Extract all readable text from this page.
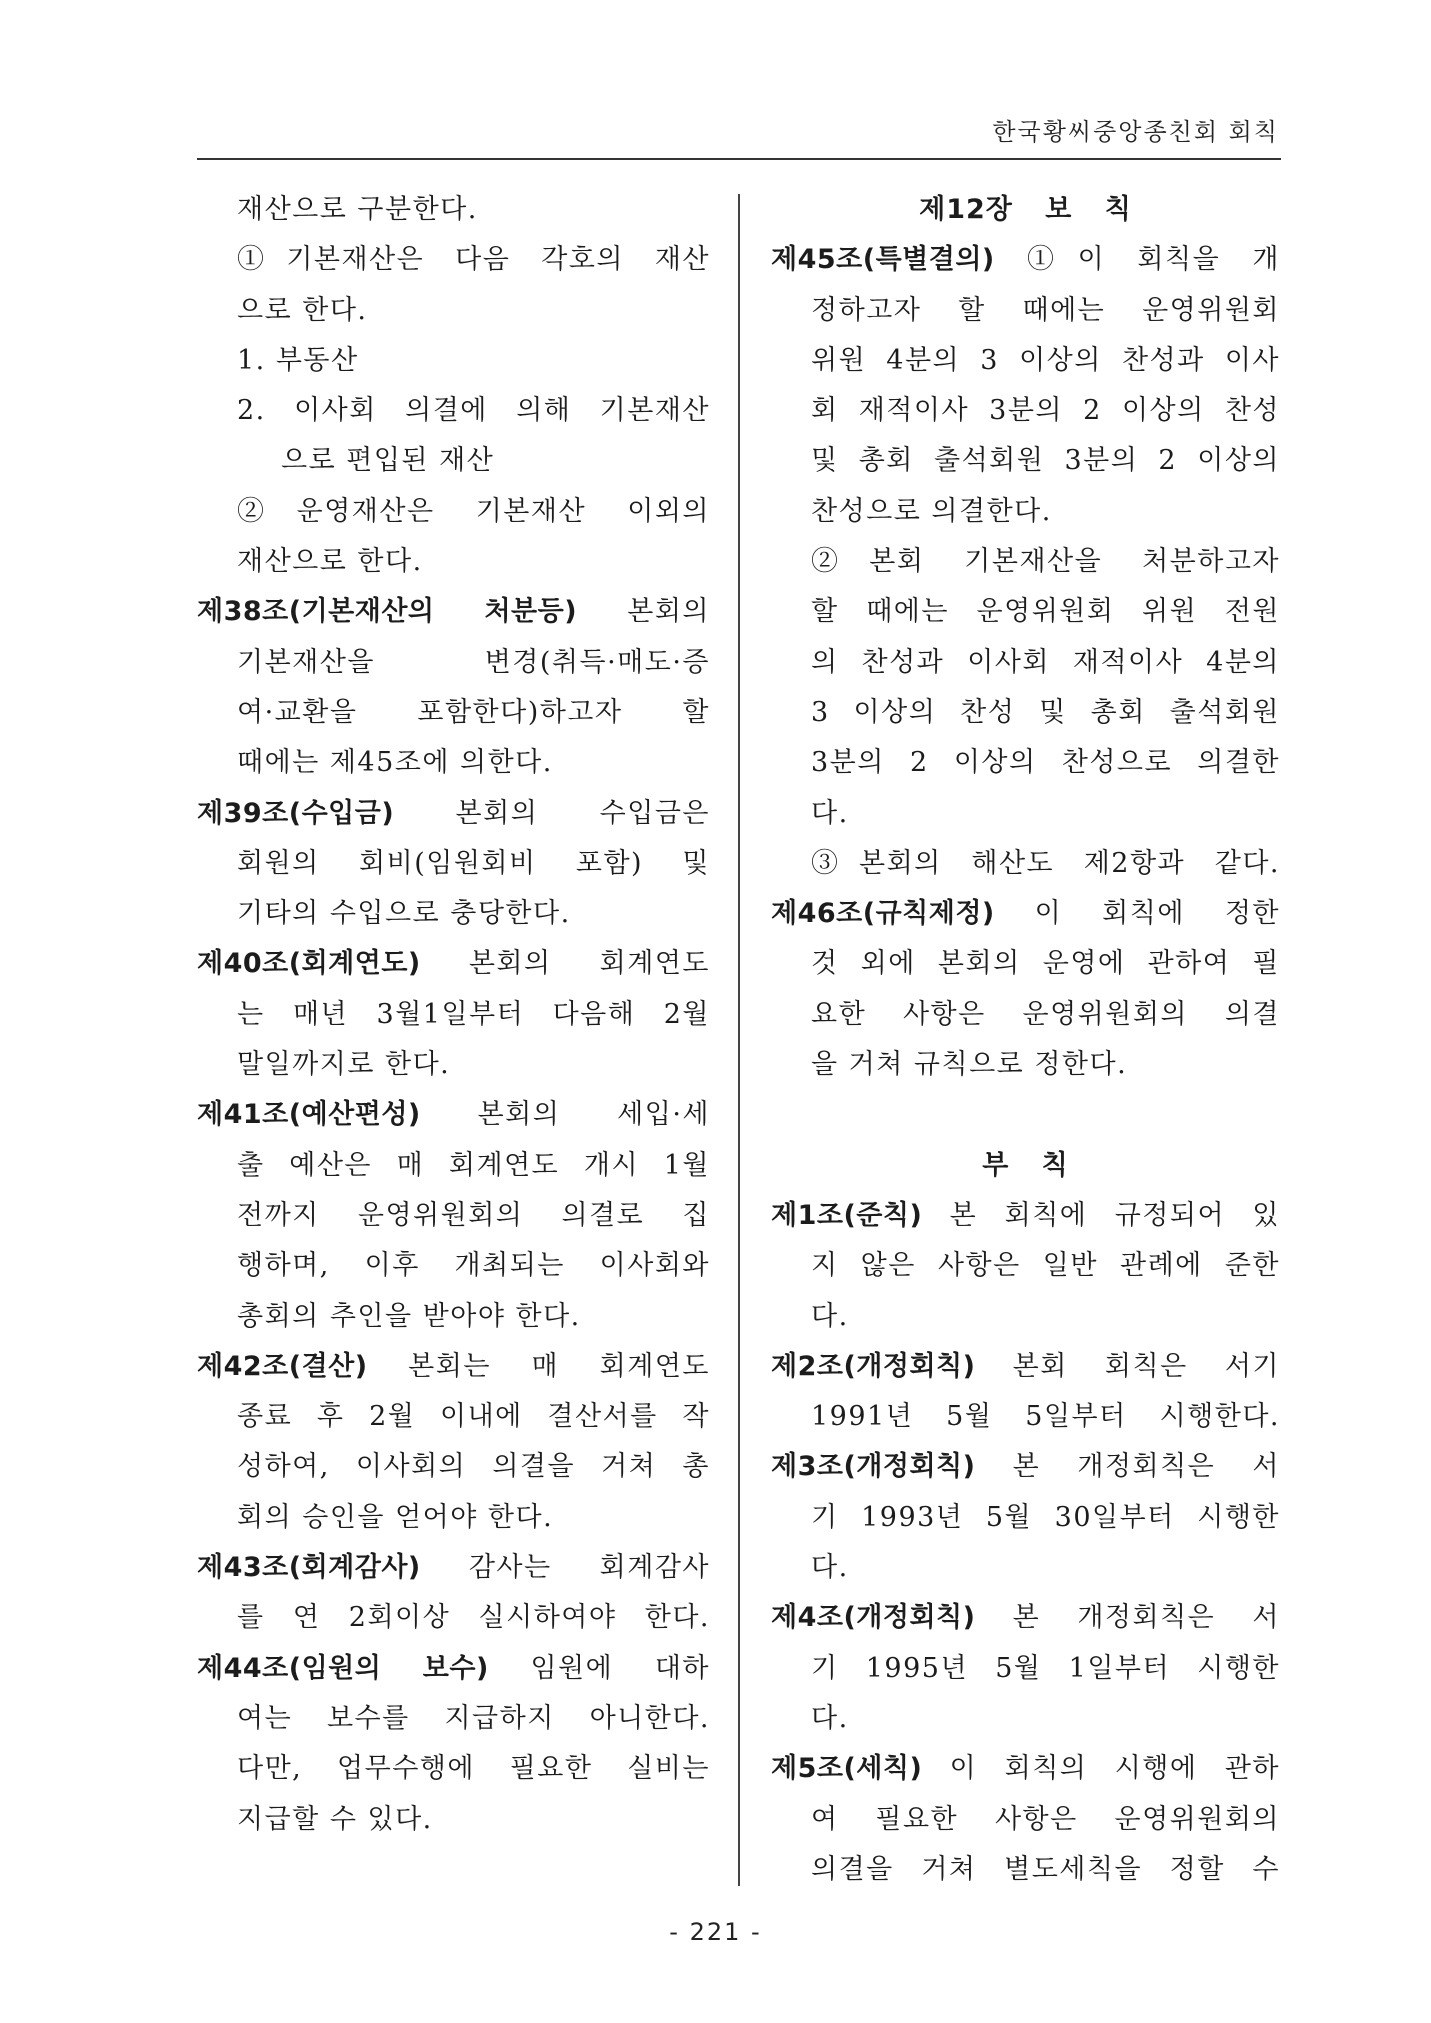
한국황씨중앙종친회 회칙
재산으로 구분한다.
①기본재산은 다음 각호의 재산
으로 한다.
1. 부동산
2. 이사회 의결에 의해 기본재산
으로 편입된 재산
②운영재산은 기본재산 이외의
재산으로 한다.
제38조(기본재산의 처분등) 본회의
기본재산을 변경(취득·매도·증
여·교환을 포함한다)하고자 할
때에는 제45조에 의한다.
제39조(수입금) 본회의 수입금은
회원의 회비(임원회비 포함) 및
기타의 수입으로 충당한다.
제40조(회계연도) 본회의 회계연도
는 매년 3월1일부터 다음해 2월
말일까지로 한다.
제41조(예산편성) 본회의 세입·세
출 예산은 매 회계연도 개시 1월
전까지 운영위원회의 의결로 집
행하며, 이후 개최되는 이사회와
총회의 추인을 받아야 한다.
제42조(결산) 본회는 매 회계연도
종료 후 2월 이내에 결산서를 작
성하여, 이사회의 의결을 거쳐 총
회의 승인을 얻어야 한다.
제43조(회계감사) 감사는 회계감사
를 연 2회이상 실시하여야 한다.
제44조(임원의 보수) 임원에 대하
여는 보수를 지급하지 아니한다.
다만, 업무수행에 필요한 실비는
지급할 수 있다.
제12장 보 칙
제45조(특별결의) ①이 회칙을 개
정하고자 할 때에는 운영위원회
위원 4분의 3 이상의 찬성과 이사
회 재적이사 3분의 2 이상의 찬성
및 총회 출석회원 3분의 2 이상의
찬성으로 의결한다.
②본회 기본재산을 처분하고자
할 때에는 운영위원회 위원 전원
의 찬성과 이사회 재적이사 4분의
3 이상의 찬성 및 총회 출석회원
3분의 2 이상의 찬성으로 의결한
다.
③본회의 해산도 제2항과 같다.
제46조(규칙제정) 이 회칙에 정한
것 외에 본회의 운영에 관하여 필
요한 사항은 운영위원회의 의결
을 거쳐 규칙으로 정한다.
부 칙
제1조(준칙) 본 회칙에 규정되어 있
지 않은 사항은 일반 관례에 준한
다.
제2조(개정회칙) 본회 회칙은 서기
1991년 5월 5일부터 시행한다.
제3조(개정회칙) 본 개정회칙은 서
기 1993년 5월 30일부터 시행한
다.
제4조(개정회칙) 본 개정회칙은 서
기 1995년 5월 1일부터 시행한
다.
제5조(세칙) 이 회칙의 시행에 관하
여 필요한 사항은 운영위원회의
의결을 거쳐 별도세칙을 정할 수
- 221 -
